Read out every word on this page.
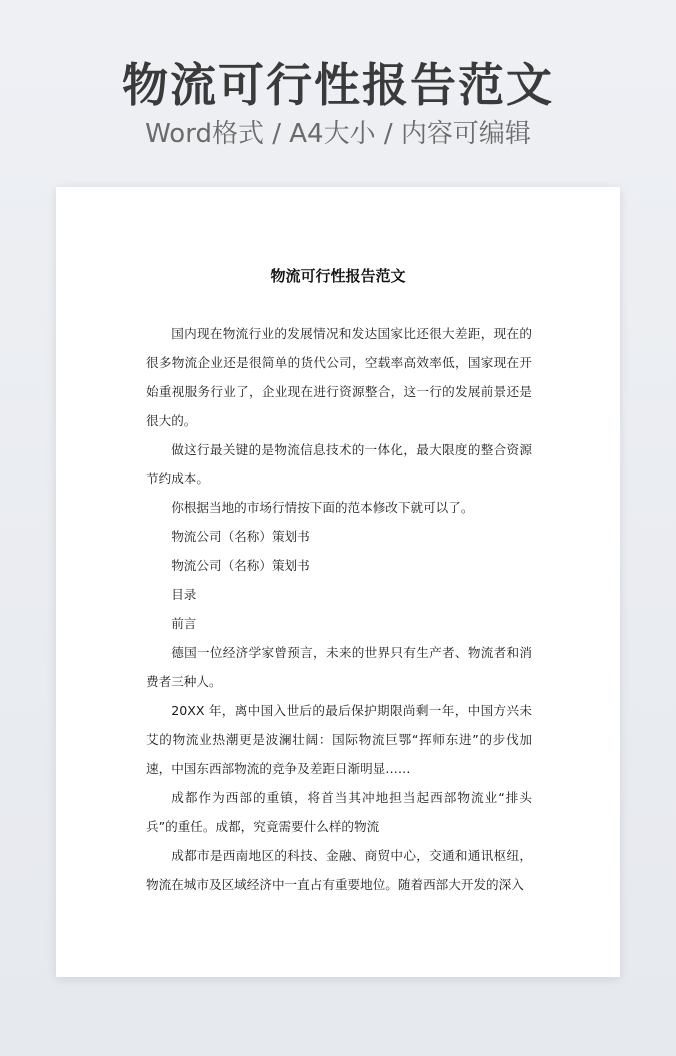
物流可行性报告范文
Word格式 / A4大小 / 内容可编辑
物流可行性报告范文

国内现在物流行业的发展情况和发达国家比还很大差距，现在的很多物流企业还是很简单的货代公司，空载率高效率低，国家现在开始重视服务行业了，企业现在进行资源整合，这一行的发展前景还是很大的。

做这行最关键的是物流信息技术的一体化，最大限度的整合资源节约成本。

你根据当地的市场行情按下面的范本修改下就可以了。

物流公司（名称）策划书

物流公司（名称）策划书

目录

前言

德国一位经济学家曾预言，未来的世界只有生产者、物流者和消费者三种人。

20XX 年，离中国入世后的最后保护期限尚剩一年，中国方兴未艾的物流业热潮更是波澜壮阔：国际物流巨鄂“挥师东进”的步伐加速，中国东西部物流的竞争及差距日渐明显……

成都作为西部的重镇，将首当其冲地担当起西部物流业“排头兵”的重任。成都，究竟需要什么样的物流

成都市是西南地区的科技、金融、商贸中心，交通和通讯枢纽，物流在城市及区域经济中一直占有重要地位。随着西部大开发的深入
